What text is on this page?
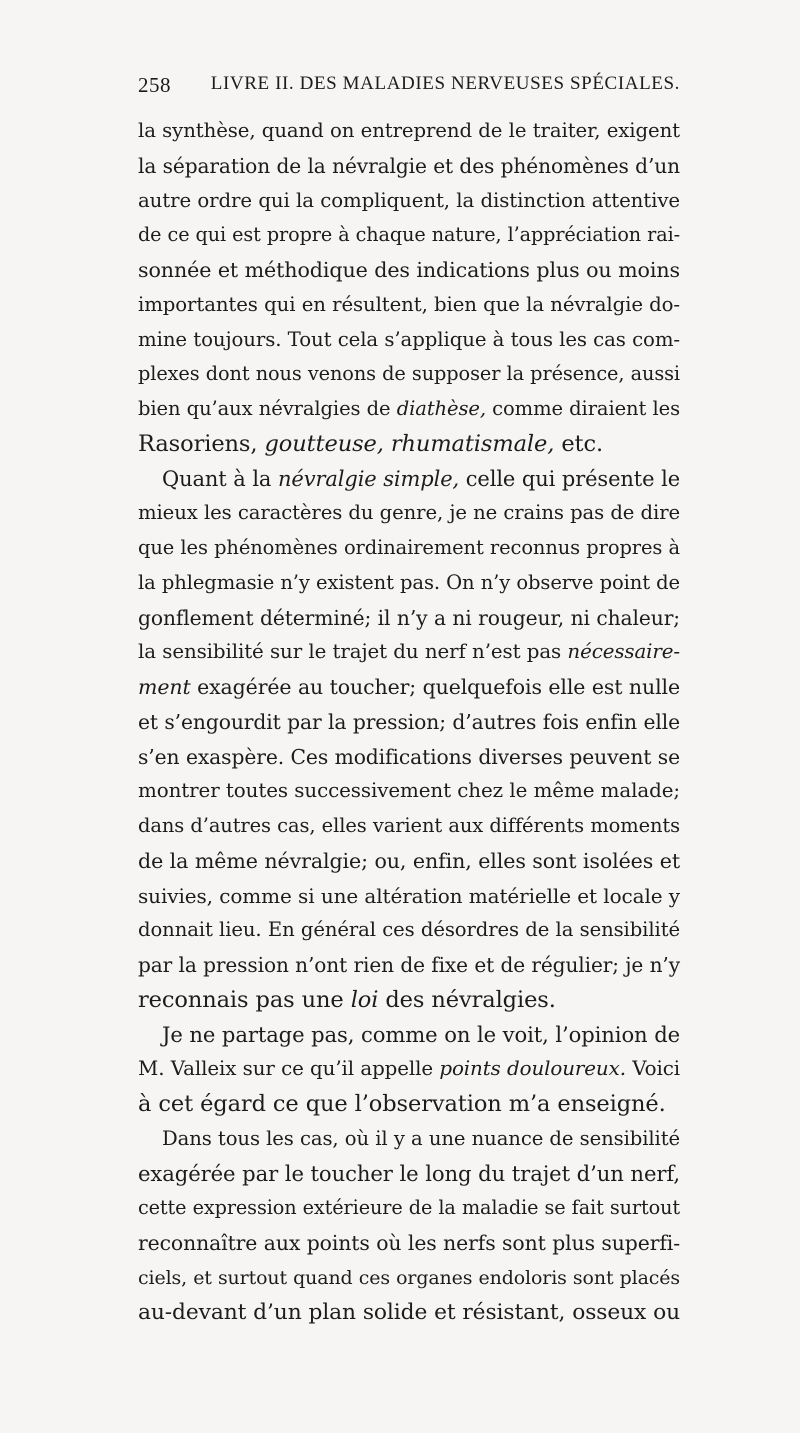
258 LIVRE II. DES MALADIES NERVEUSES SPÉCIALES.
la synthèse, quand on entreprend de le traiter, exigent
la séparation de la névralgie et des phénomènes d’un
autre ordre qui la compliquent, la distinction attentive
de ce qui est propre à chaque nature, l’appréciation rai-
sonnée et méthodique des indications plus ou moins
importantes qui en résultent, bien que la névralgie do-
mine toujours. Tout cela s’applique à tous les cas com-
plexes dont nous venons de supposer la présence, aussi
bien qu’aux névralgies de diathèse, comme diraient les
Rasoriens, goutteuse, rhumatismale, etc.
Quant à la névralgie simple, celle qui présente le
mieux les caractères du genre, je ne crains pas de dire
que les phénomènes ordinairement reconnus propres à
la phlegmasie n’y existent pas. On n’y observe point de
gonflement déterminé; il n’y a ni rougeur, ni chaleur;
la sensibilité sur le trajet du nerf n’est pas nécessaire-
ment exagérée au toucher; quelquefois elle est nulle
et s’engourdit par la pression; d’autres fois enfin elle
s’en exaspère. Ces modifications diverses peuvent se
montrer toutes successivement chez le même malade;
dans d’autres cas, elles varient aux différents moments
de la même névralgie; ou, enfin, elles sont isolées et
suivies, comme si une altération matérielle et locale y
donnait lieu. En général ces désordres de la sensibilité
par la pression n’ont rien de fixe et de régulier; je n’y
reconnais pas une loi des névralgies.
Je ne partage pas, comme on le voit, l’opinion de
M. Valleix sur ce qu’il appelle points douloureux. Voici
à cet égard ce que l’observation m’a enseigné.
Dans tous les cas, où il y a une nuance de sensibilité
exagérée par le toucher le long du trajet d’un nerf,
cette expression extérieure de la maladie se fait surtout
reconnaître aux points où les nerfs sont plus superfi-
ciels, et surtout quand ces organes endoloris sont placés
au-devant d’un plan solide et résistant, osseux ou
